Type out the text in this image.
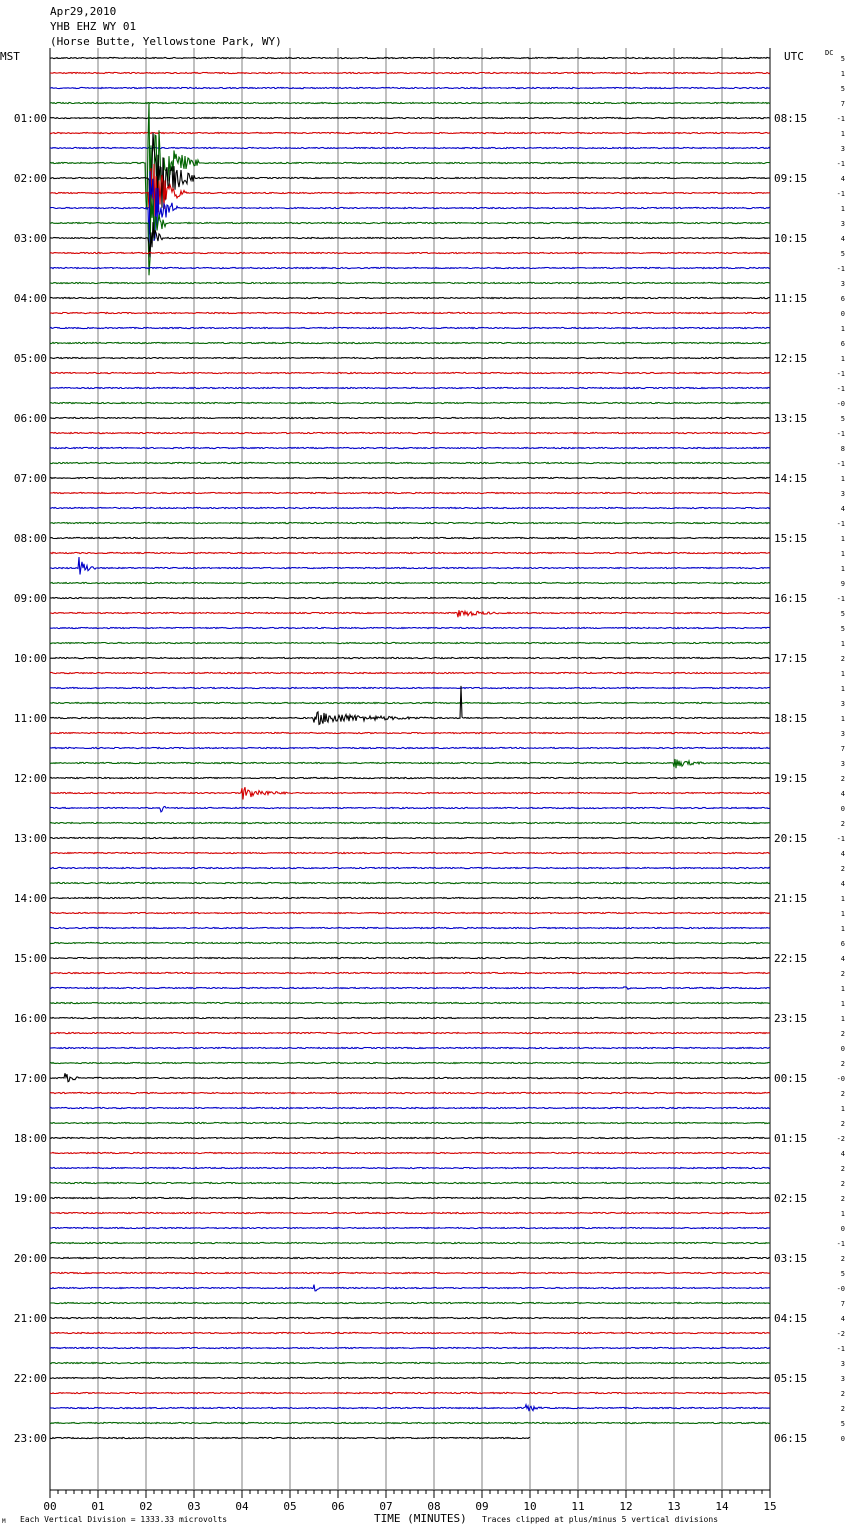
Apr29,2010
YHB EHZ WY 01
(Horse Butte, Yellowstone Park, WY)
MST	UTC	DC
Each Vertical Division = 1333.33 microvolts	TIME (MINUTES) Traces clipped at plus/minus 5 vertical divisions
M
00	01	02	03	04	05	06	07	08	09	10	11	12	13	14	15
5
1
5
7
-1
1
3
-1
4
-1
1
3
4
5
-1
3
6
0
1
6
1
-1
-1
-0
5
-1
8
-1
1
3
4
-1
1
1
1
9
-1
5
5
1
2
1
1
3
1
3
7
3
2
4
0
2
-1
4
2
4
1
1
1
6
4
2
1
1
1
2
0
2
-0
2
1
2
-2
4
2
2
2
1
0
-1
2
5
-0
7
4
-2
-1
3
3
2
2
5
0
01:00
02:00
03:00
04:00
05:00
06:00
07:00
08:00
09:00
10:00
11:00
12:00
13:00
14:00
15:00
16:00
17:00
18:00
19:00
20:00
21:00
22:00
23:00
08:15
09:15
10:15
11:15
12:15
13:15
14:15
15:15
16:15
17:15
18:15
19:15
20:15
21:15
22:15
23:15
00:15
01:15
02:15
03:15
04:15
05:15
06:15
